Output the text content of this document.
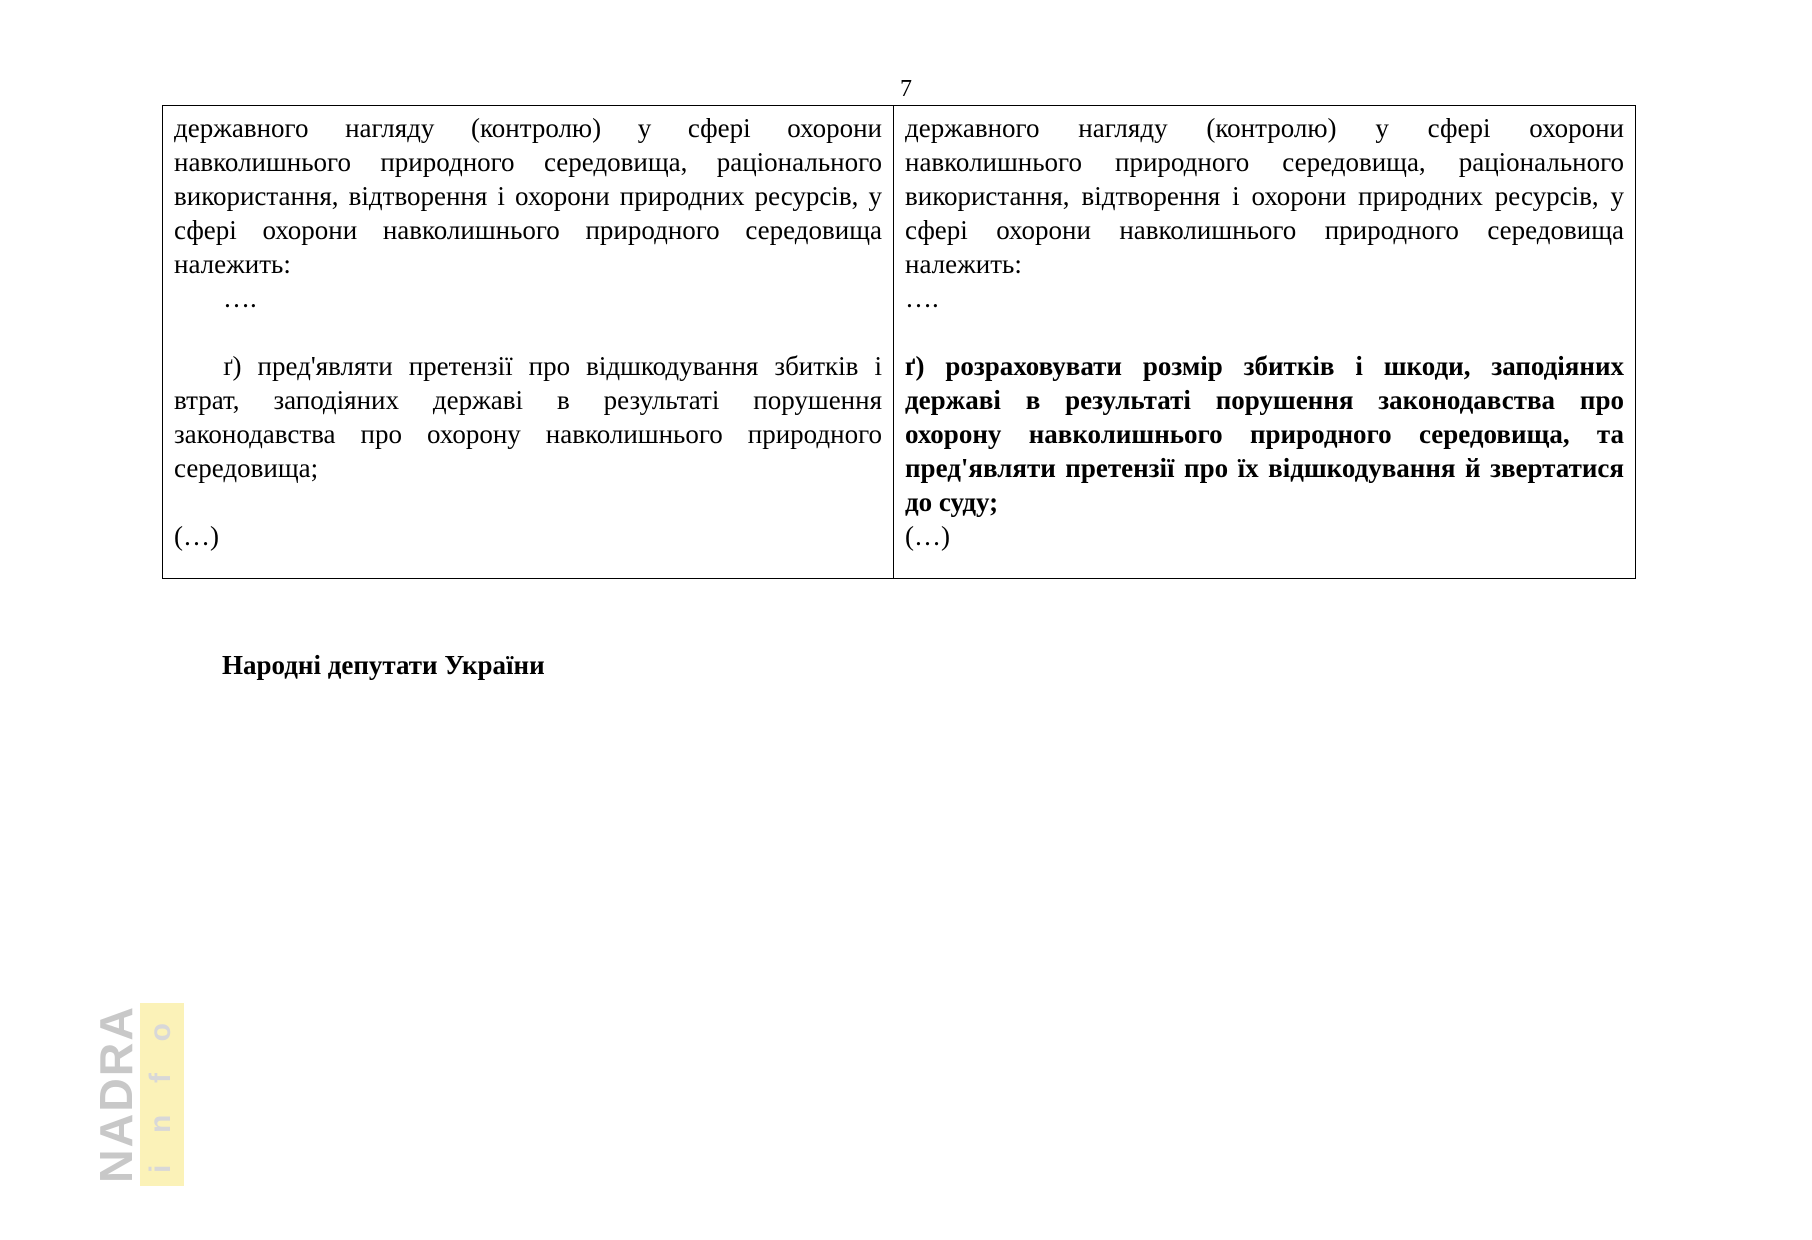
7

державного нагляду (контролю) у сфері охорони навколишнього природного середовища, раціонального використання, відтворення і охорони природних ресурсів, у сфері охорони навколишнього природного середовища належить:

….

ґ) пред'являти претензії про відшкодування збитків і втрат, заподіяних державі в результаті порушення законодавства про охорону навколишнього природного середовища;

(…)

державного нагляду (контролю) у сфері охорони навколишнього природного середовища, раціонального використання, відтворення і охорони природних ресурсів, у сфері охорони навколишнього природного середовища належить:

….

ґ) розраховувати розмір збитків і шкоди, заподіяних державі в результаті порушення законодавства про охорону навколишнього природного середовища, та пред'являти претензії про їх відшкодування й звертатися до суду;

(…)

Народні депутати України
NADRA info
